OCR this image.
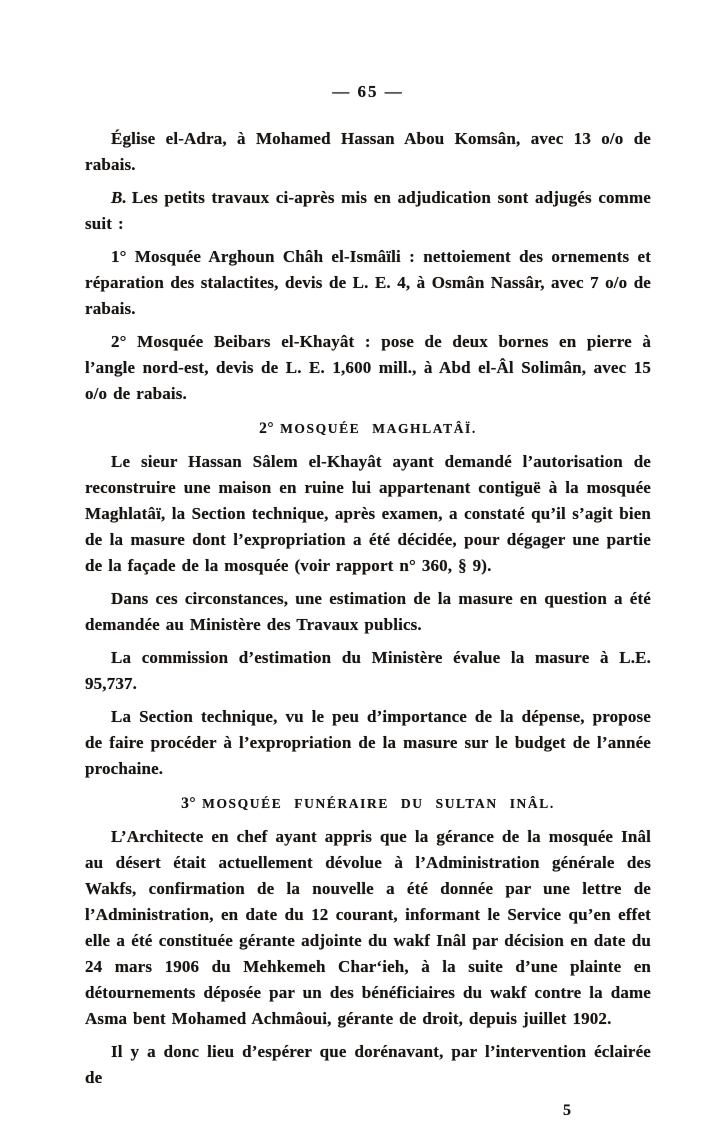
— 65 —

Église el-Adra, à Mohamed Hassan Abou Komsân, avec 13 o/o de rabais.

B. Les petits travaux ci-après mis en adjudication sont adjugés comme suit :

1° Mosquée Arghoun Châh el-Ismâïli : nettoiement des ornements et réparation des stalactites, devis de L. E. 4, à Osmân Nassâr, avec 7 o/o de rabais.

2° Mosquée Beibars el-Khayât : pose de deux bornes en pierre à l’angle nord-est, devis de L. E. 1,600 mill., à Abd el-Âl Solimân, avec 15 o/o de rabais.

2° MOSQUÉE MAGHLATÂÏ.

Le sieur Hassan Sâlem el-Khayât ayant demandé l’autorisation de reconstruire une maison en ruine lui appartenant contiguë à la mosquée Maghlatâï, la Section technique, après examen, a constaté qu’il s’agit bien de la masure dont l’expropriation a été décidée, pour dégager une partie de la façade de la mosquée (voir rapport n° 360, § 9).

Dans ces circonstances, une estimation de la masure en question a été demandée au Ministère des Travaux publics.

La commission d’estimation du Ministère évalue la masure à L.E. 95,737.

La Section technique, vu le peu d’importance de la dépense, propose de faire procéder à l’expropriation de la masure sur le budget de l’année prochaine.

3° MOSQUÉE FUNÉRAIRE DU SULTAN INÂL.

L’Architecte en chef ayant appris que la gérance de la mosquée Inâl au désert était actuellement dévolue à l’Administration générale des Wakfs, confirmation de la nouvelle a été donnée par une lettre de l’Administration, en date du 12 courant, informant le Service qu’en effet elle a été constituée gérante adjointe du wakf Inâl par décision en date du 24 mars 1906 du Mehkemeh Char‘ieh, à la suite d’une plainte en détournements déposée par un des bénéficiaires du wakf contre la dame Asma bent Mohamed Achmâoui, gérante de droit, depuis juillet 1902.

Il y a donc lieu d’espérer que dorénavant, par l’intervention éclairée de

5
